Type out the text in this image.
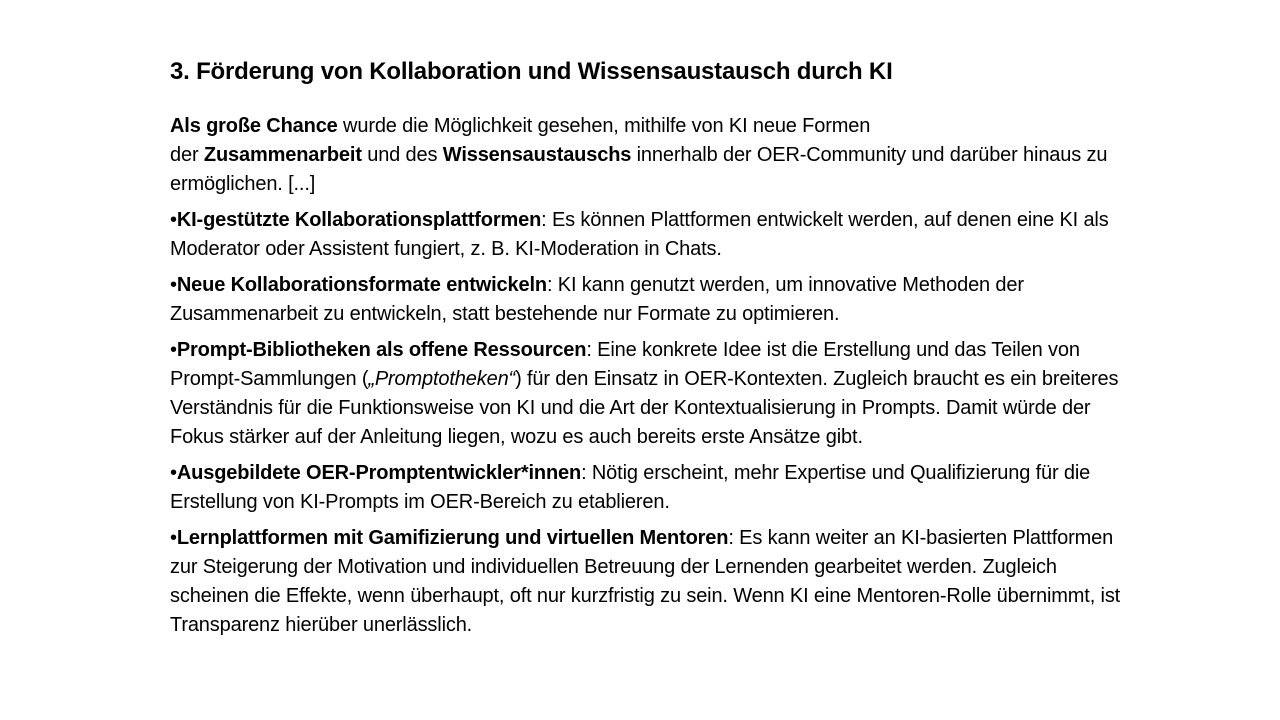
3. Förderung von Kollaboration und Wissensaustausch durch KI

Als große Chance wurde die Möglichkeit gesehen, mithilfe von KI neue Formen
der Zusammenarbeit und des Wissensaustauschs innerhalb der OER-Community und darüber hinaus zu ermöglichen. [...]

•KI-gestützte Kollaborationsplattformen: Es können Plattformen entwickelt werden, auf denen eine KI als Moderator oder Assistent fungiert, z. B. KI-Moderation in Chats.

•Neue Kollaborationsformate entwickeln: KI kann genutzt werden, um innovative Methoden der Zusammenarbeit zu entwickeln, statt bestehende nur Formate zu optimieren.

•Prompt-Bibliotheken als offene Ressourcen: Eine konkrete Idee ist die Erstellung und das Teilen von Prompt-Sammlungen („Promptotheken“) für den Einsatz in OER-Kontexten. Zugleich braucht es ein breiteres Verständnis für die Funktionsweise von KI und die Art der Kontextualisierung in Prompts. Damit würde der Fokus stärker auf der Anleitung liegen, wozu es auch bereits erste Ansätze gibt.

•Ausgebildete OER-Promptentwickler*innen: Nötig erscheint, mehr Expertise und Qualifizierung für die Erstellung von KI-Prompts im OER-Bereich zu etablieren.

•Lernplattformen mit Gamifizierung und virtuellen Mentoren: Es kann weiter an KI-basierten Plattformen zur Steigerung der Motivation und individuellen Betreuung der Lernenden gearbeitet werden. Zugleich scheinen die Effekte, wenn überhaupt, oft nur kurzfristig zu sein. Wenn KI eine Mentoren-Rolle übernimmt, ist Transparenz hierüber unerlässlich.
